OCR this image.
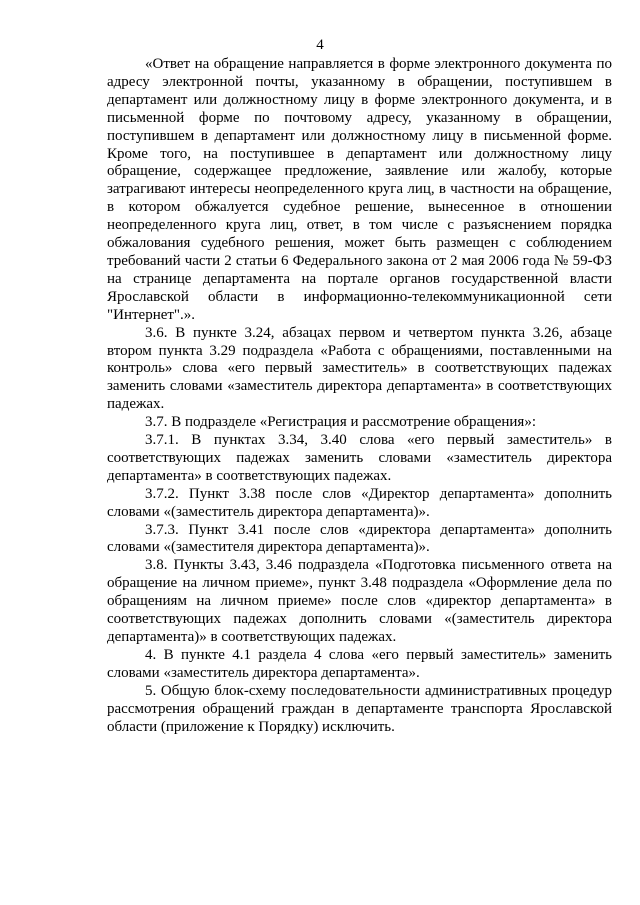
4

«Ответ на обращение направляется в форме электронного документа по адресу электронной почты, указанному в обращении, поступившем в департамент или должностному лицу в форме электронного документа, и в письменной форме по почтовому адресу, указанному в обращении, поступившем в департамент или должностному лицу в письменной форме. Кроме того, на поступившее в департамент или должностному лицу обращение, содержащее предложение, заявление или жалобу, которые затрагивают интересы неопределенного круга лиц, в частности на обращение, в котором обжалуется судебное решение, вынесенное в отношении неопределенного круга лиц, ответ, в том числе с разъяснением порядка обжалования судебного решения, может быть размещен с соблюдением требований части 2 статьи 6 Федерального закона от 2 мая 2006 года № 59-ФЗ на странице департамента на портале органов государственной власти Ярославской области в информационно-телекоммуникационной сети "Интернет".».

3.6. В пункте 3.24, абзацах первом и четвертом пункта 3.26, абзаце втором пункта 3.29 подраздела «Работа с обращениями, поставленными на контроль» слова «его первый заместитель» в соответствующих падежах заменить словами «заместитель директора департамента» в соответствующих падежах.

3.7. В подразделе «Регистрация и рассмотрение обращения»:

3.7.1. В пунктах 3.34, 3.40 слова «его первый заместитель» в соответствующих падежах заменить словами «заместитель директора департамента» в соответствующих падежах.

3.7.2. Пункт 3.38 после слов «Директор департамента» дополнить словами «(заместитель директора департамента)».

3.7.3. Пункт 3.41 после слов «директора департамента» дополнить словами «(заместителя директора департамента)».

3.8. Пункты 3.43, 3.46 подраздела «Подготовка письменного ответа на обращение на личном приеме», пункт 3.48 подраздела «Оформление дела по обращениям на личном приеме» после слов «директор департамента» в соответствующих падежах дополнить словами «(заместитель директора департамента)» в соответствующих падежах.

4. В пункте 4.1 раздела 4 слова «его первый заместитель» заменить словами «заместитель директора департамента».

5. Общую блок-схему последовательности административных процедур рассмотрения обращений граждан в департаменте транспорта Ярославской области (приложение к Порядку) исключить.
